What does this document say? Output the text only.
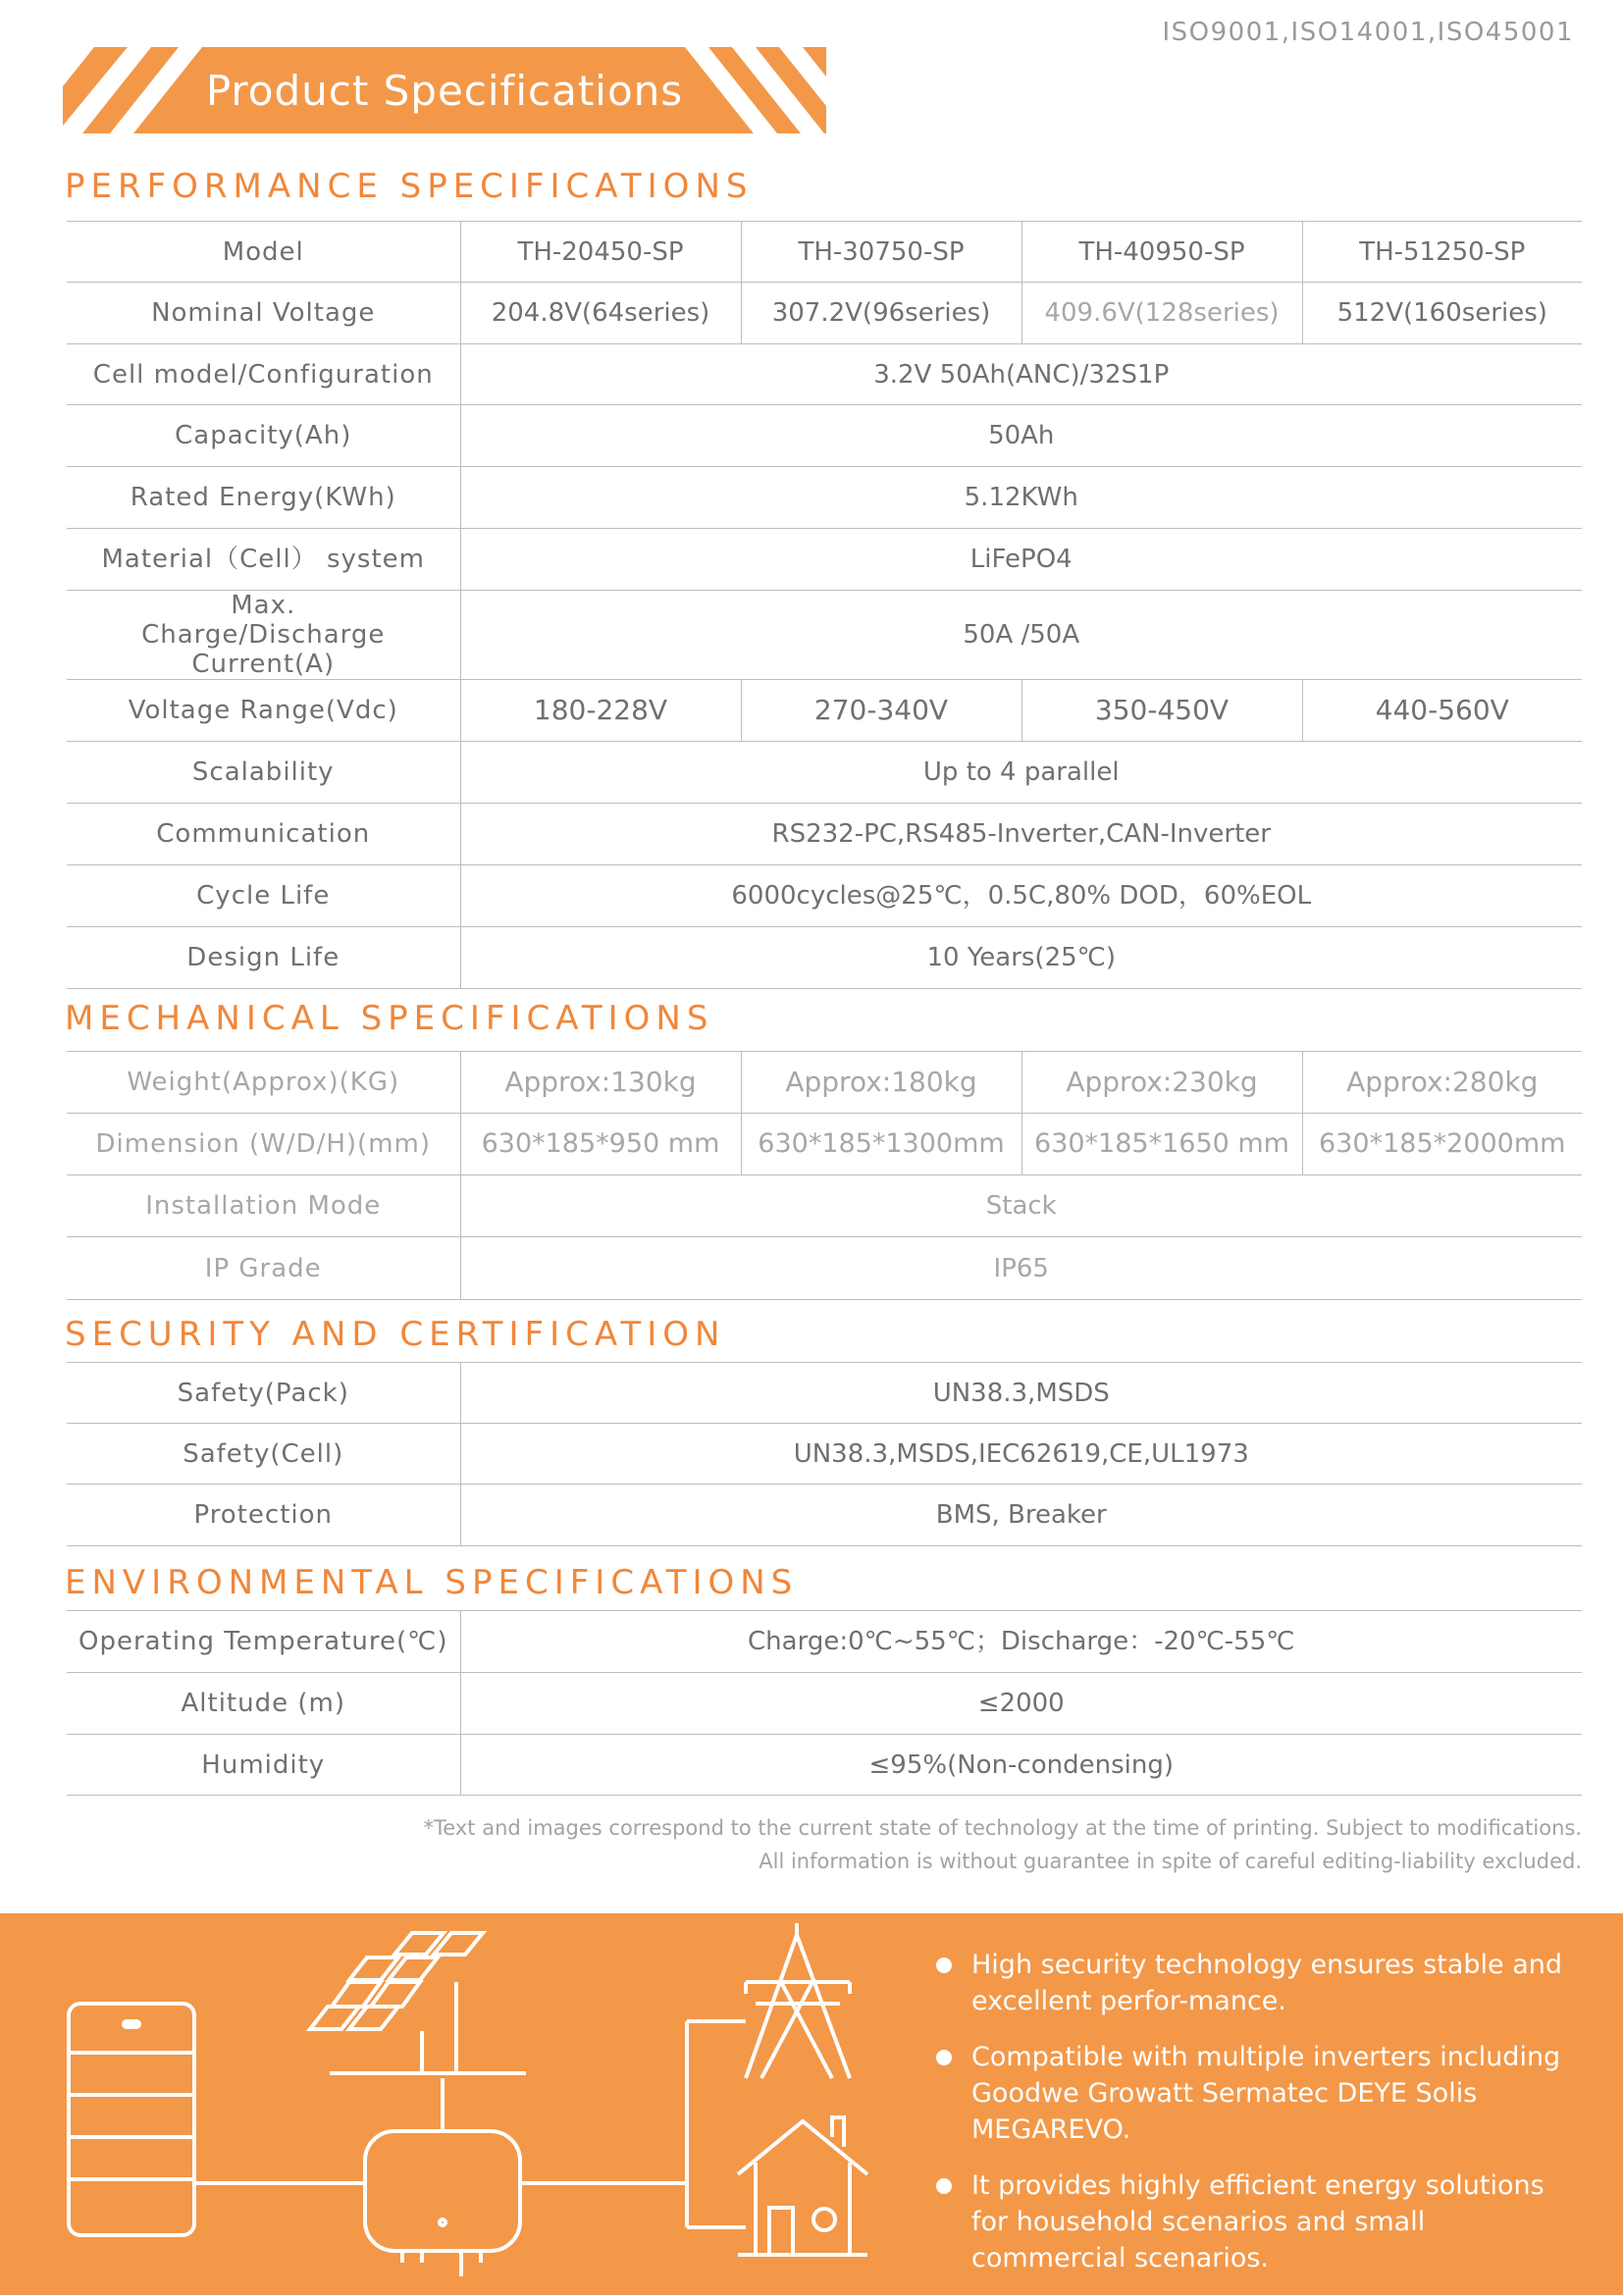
ISO9001,ISO14001,ISO45001
Product Specifications
PERFORMANCE SPECIFICATIONS
Model	TH-20450-SP	TH-30750-SP	TH-40950-SP	TH-51250-SP
Nominal Voltage	204.8V(64series)	307.2V(96series)	409.6V(128series)	512V(160series)
Cell model/Configuration	3.2V 50Ah(ANC)/32S1P			
Capacity(Ah)	50Ah			
Rated Energy(KWh)	5.12KWh			
Material（Cell） system	LiFePO4			
Max. Charge/Discharge Current(A)	50A /50A			
Voltage Range(Vdc)	180-228V	270-340V	350-450V	440-560V
Scalability	Up to 4 parallel			
Communication	RS232-PC,RS485-Inverter,CAN-Inverter			
Cycle Life	6000cycles@25℃，0.5C,80% DOD，60%EOL			
Design Life	10 Years(25℃)			
MECHANICAL SPECIFICATIONS
Weight(Approx)(KG)	Approx:130kg	Approx:180kg	Approx:230kg	Approx:280kg
Dimension (W/D/H)(mm)	630*185*950 mm	630*185*1300mm	630*185*1650 mm	630*185*2000mm
Installation Mode	Stack			
IP Grade	IP65			
SECURITY AND CERTIFICATION
Safety(Pack)	UN38.3,MSDS
Safety(Cell)	UN38.3,MSDS,IEC62619,CE,UL1973
Protection	BMS, Breaker
ENVIRONMENTAL SPECIFICATIONS
Operating Temperature(℃)	Charge:0℃~55℃；Discharge：-20℃-55℃
Altitude (m)	≤2000
Humidity	≤95%(Non-condensing)
*Text and images correspond to the current state of technology at the time of printing. Subject to modifications.
All information is without guarantee in spite of careful editing-liability excluded.
High security technology ensures stable and excellent perfor-mance.
Compatible with multiple inverters including Goodwe Growatt Sermatec DEYE Solis MEGAREVO.
It provides highly efficient energy solutions for household scenarios and small commercial scenarios.
